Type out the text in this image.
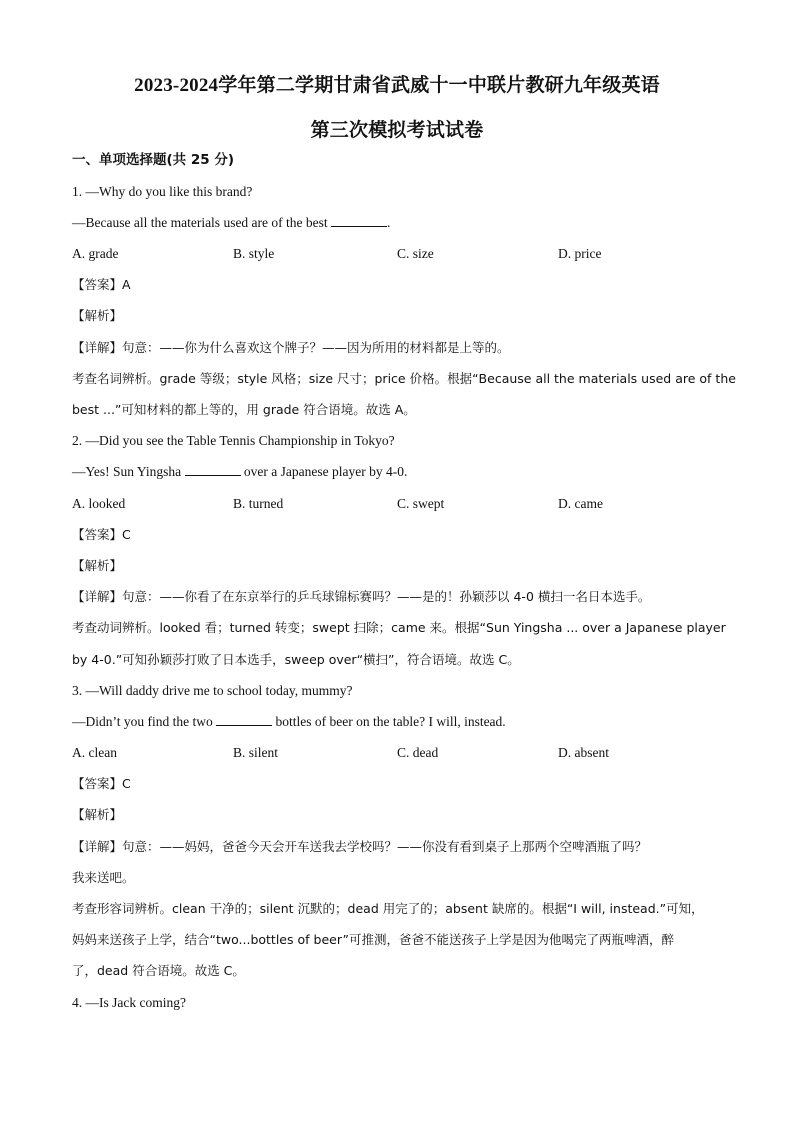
2023-2024学年第二学期甘肃省武威十一中联片教研九年级英语
第三次模拟考试试卷
一、单项选择题(共 25 分)
1. —Why do you like this brand?
—Because all the materials used are of the best	.
A. grade	B. style	C. size	D. price
【答案】A
【解析】
【详解】句意：——你为什么喜欢这个牌子？——因为所用的材料都是上等的。
考查名词辨析。grade 等级；style 风格；size 尺寸；price 价格。根据“Because all the materials used are of the
best ...”可知材料的都上等的，用 grade 符合语境。故选 A。
2. —Did you see the Table Tennis Championship in Tokyo?
—Yes! Sun Yingsha	over a Japanese player by 4-0.
A. looked	B. turned	C. swept	D. came
【答案】C
【解析】
【详解】句意：——你看了在东京举行的乒乓球锦标赛吗？——是的！孙颖莎以 4-0 横扫一名日本选手。
考查动词辨析。looked 看；turned 转变；swept 扫除；came 来。根据“Sun Yingsha ... over a Japanese player
by 4-0.”可知孙颖莎打败了日本选手，sweep over“横扫”，符合语境。故选 C。
3. —Will daddy drive me to school today, mummy?
—Didn’t you find the two	bottles of beer on the table? I will, instead.
A. clean	B. silent	C. dead	D. absent
【答案】C
【解析】
【详解】句意：——妈妈，爸爸今天会开车送我去学校吗？——你没有看到桌子上那两个空啤酒瓶了吗？
我来送吧。
考查形容词辨析。clean 干净的；silent 沉默的；dead 用完了的；absent 缺席的。根据“I will, instead.”可知，
妈妈来送孩子上学，结合“two...bottles of beer”可推测，爸爸不能送孩子上学是因为他喝完了两瓶啤酒，醉
了，dead 符合语境。故选 C。
4. —Is Jack coming?
